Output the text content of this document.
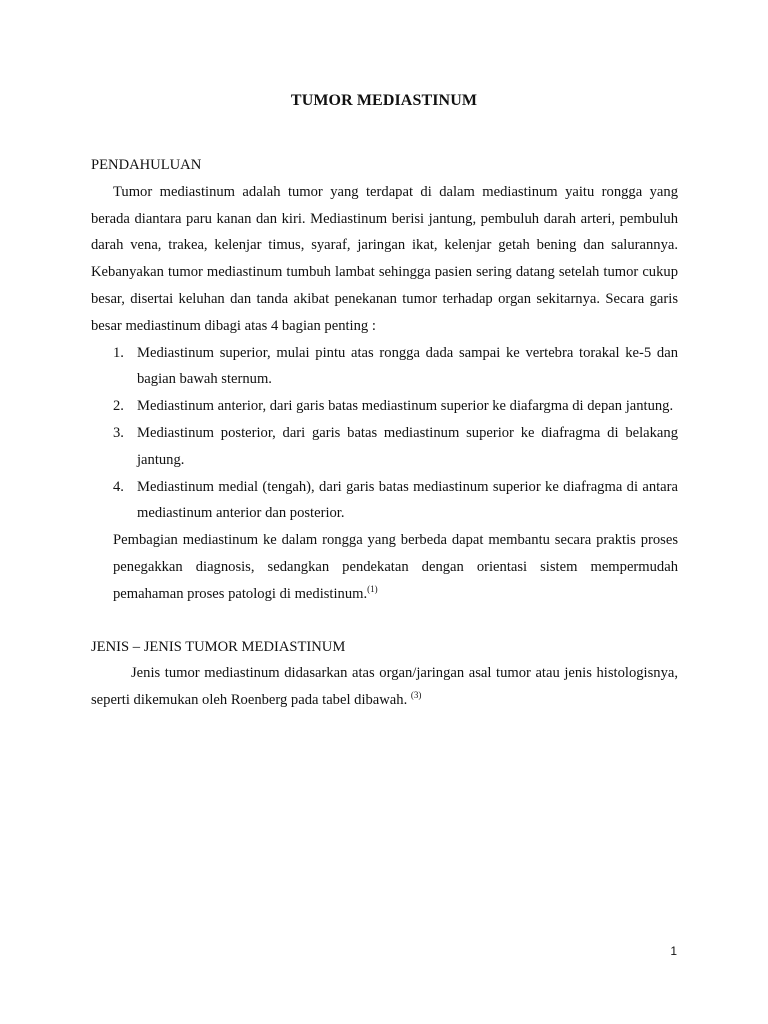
TUMOR MEDIASTINUM

PENDAHULUAN

Tumor mediastinum adalah tumor yang terdapat di dalam mediastinum yaitu rongga yang berada diantara paru kanan dan kiri. Mediastinum berisi jantung, pembuluh darah arteri, pembuluh darah vena, trakea, kelenjar timus, syaraf, jaringan ikat, kelenjar getah bening dan salurannya. Kebanyakan tumor mediastinum tumbuh lambat sehingga pasien sering datang setelah tumor cukup besar, disertai keluhan dan tanda akibat penekanan tumor terhadap organ sekitarnya. Secara garis besar mediastinum dibagi atas 4 bagian penting :

1. Mediastinum superior, mulai pintu atas rongga dada sampai ke vertebra torakal ke-5 dan bagian bawah sternum.
2. Mediastinum anterior, dari garis batas mediastinum superior ke diafargma di depan jantung.
3. Mediastinum posterior, dari garis batas mediastinum superior ke diafragma di belakang jantung.
4. Mediastinum medial (tengah), dari garis batas mediastinum superior ke diafragma di antara mediastinum anterior dan posterior.

Pembagian mediastinum ke dalam rongga yang berbeda dapat membantu secara praktis proses penegakkan diagnosis, sedangkan pendekatan dengan orientasi sistem mempermudah pemahaman proses patologi di medistinum.$^{(1)}$

JENIS – JENIS TUMOR MEDIASTINUM

Jenis tumor mediastinum didasarkan atas organ/jaringan asal tumor atau jenis histologisnya, seperti dikemukan oleh Roenberg pada tabel dibawah. $^{(3)}$

1
